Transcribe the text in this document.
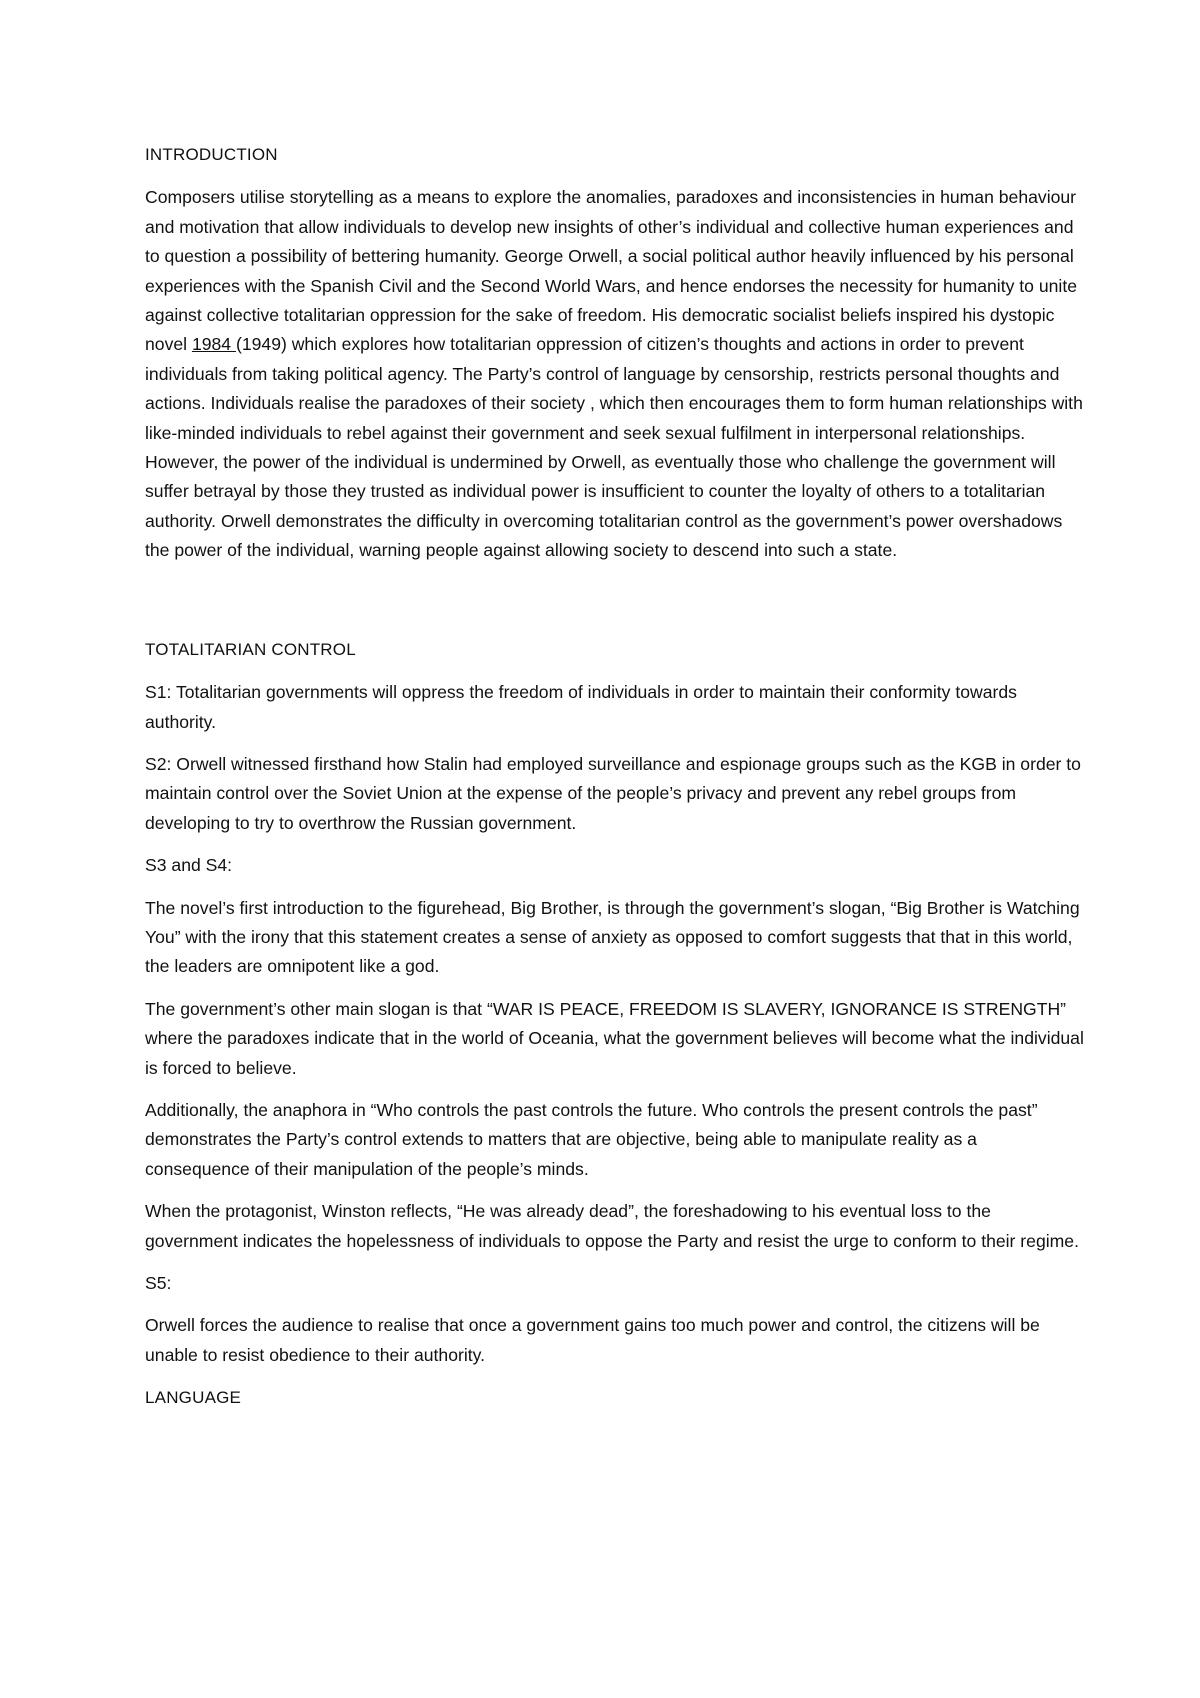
INTRODUCTION

Composers utilise storytelling as a means to explore the anomalies, paradoxes and inconsistencies in human behaviour and motivation that allow individuals to develop new insights of other’s individual and collective human experiences and to question a possibility of bettering humanity. George Orwell, a social political author heavily influenced by his personal experiences with the Spanish Civil and the Second World Wars, and hence endorses the necessity for humanity to unite against collective totalitarian oppression for the sake of freedom. His democratic socialist beliefs inspired his dystopic novel 1984 (1949) which explores how totalitarian oppression of citizen’s thoughts and actions in order to prevent individuals from taking political agency. The Party’s control of language by censorship, restricts personal thoughts and actions. Individuals realise the paradoxes of their society , which then encourages them to form human relationships with like-minded individuals to rebel against their government and seek sexual fulfilment in interpersonal relationships. However, the power of the individual is undermined by Orwell, as eventually those who challenge the government will suffer betrayal by those they trusted as individual power is insufficient to counter the loyalty of others to a totalitarian authority. Orwell demonstrates the difficulty in overcoming totalitarian control as the government’s power overshadows the power of the individual, warning people against allowing society to descend into such a state.

TOTALITARIAN CONTROL

S1: Totalitarian governments will oppress the freedom of individuals in order to maintain their conformity towards authority.

S2: Orwell witnessed firsthand how Stalin had employed surveillance and espionage groups such as the KGB in order to maintain control over the Soviet Union at the expense of the people’s privacy and prevent any rebel groups from developing to try to overthrow the Russian government.

S3 and S4:

The novel’s first introduction to the figurehead, Big Brother, is through the government’s slogan, “Big Brother is Watching You” with the irony that this statement creates a sense of anxiety as opposed to comfort suggests that that in this world, the leaders are omnipotent like a god.

The government’s other main slogan is that “WAR IS PEACE, FREEDOM IS SLAVERY, IGNORANCE IS STRENGTH” where the paradoxes indicate that in the world of Oceania, what the government believes will become what the individual is forced to believe.

Additionally, the anaphora in “Who controls the past controls the future. Who controls the present controls the past” demonstrates the Party’s control extends to matters that are objective, being able to manipulate reality as a consequence of their manipulation of the people’s minds.

When the protagonist, Winston reflects, “He was already dead”, the foreshadowing to his eventual loss to the government indicates the hopelessness of individuals to oppose the Party and resist the urge to conform to their regime.

S5:

Orwell forces the audience to realise that once a government gains too much power and control, the citizens will be unable to resist obedience to their authority.

LANGUAGE
